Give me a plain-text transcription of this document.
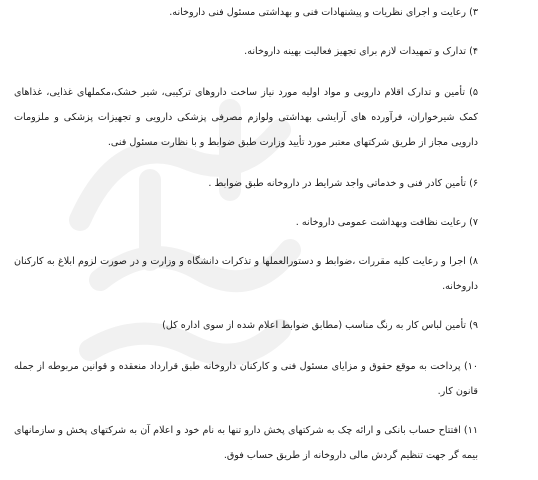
۳) رعایت و اجرای نظریات و پیشنهادات فنی و بهداشتی مسئول فنی داروخانه.

۴) تدارک و تمهیدات لازم برای تجهیز فعالیت بهینه داروخانه.

۵) تأمین و تدارک اقلام دارویی و مواد اولیه مورد نیاز ساخت داروهای ترکیبی، شیر خشک،مکملهای غذایی، غذاهای کمک شیرخواران، فرآورده های آرایشی بهداشتی ولوازم مصرفی پزشکی دارویی و تجهیزات پزشکی و ملزومات دارویی مجاز از طریق شرکتهای معتبر مورد تأیید وزارت طبق ضوابط و با نظارت مسئول فنی.

۶) تأمین کادر فنی و خدماتی واجد شرایط در داروخانه طبق ضوابط .

۷) رعایت نظافت وبهداشت عمومی داروخانه .

۸) اجرا و رعایت کلیه مقررات ،ضوابط و دستورالعملها و تذکرات دانشگاه و وزارت و در صورت لزوم ابلاغ به کارکنان داروخانه.

۹) تأمین لباس کار به رنگ مناسب (مطابق ضوابط اعلام شده از سوی اداره کل)

۱۰) پرداخت به موقع حقوق و مزایای مسئول فنی و کارکنان داروخانه طبق قرارداد منعقده و قوانین مربوطه از جمله قانون کار.

۱۱) افتتاح حساب بانکی و ارائه چک به شرکتهای پخش دارو تنها به نام خود و اعلام آن به شرکتهای پخش و سازمانهای بیمه گر جهت تنظیم گردش مالی داروخانه از طریق حساب فوق.
